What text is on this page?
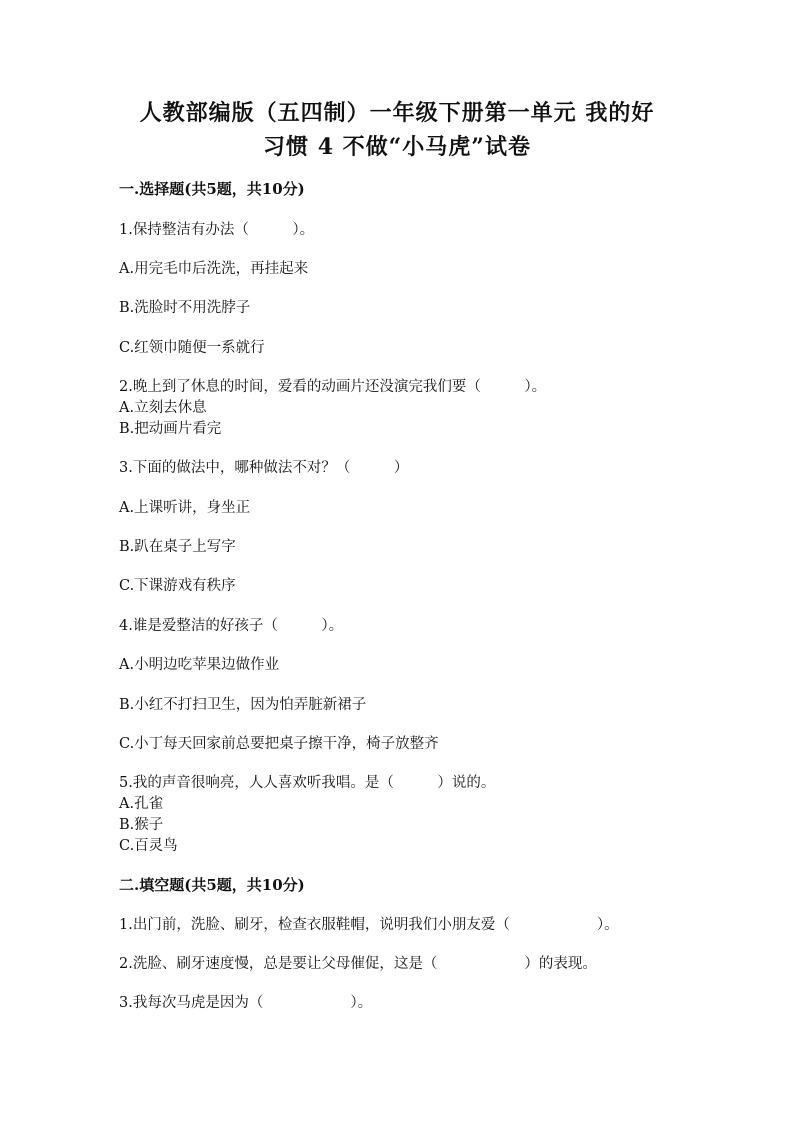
人教部编版（五四制）一年级下册第一单元 我的好
习惯 4 不做“小马虎”试卷
一.选择题(共5题，共10分)
1.保持整洁有办法（　　　）。
A.用完毛巾后洗洗，再挂起来
B.洗脸时不用洗脖子
C.红领巾随便一系就行
2.晚上到了休息的时间，爱看的动画片还没演完我们要（　　　）。
A.立刻去休息
B.把动画片看完
3.下面的做法中，哪种做法不对？（　　　）
A.上课听讲，身坐正
B.趴在桌子上写字
C.下课游戏有秩序
4.谁是爱整洁的好孩子（　　　）。
A.小明边吃苹果边做作业
B.小红不打扫卫生，因为怕弄脏新裙子
C.小丁每天回家前总要把桌子擦干净，椅子放整齐
5.我的声音很响亮，人人喜欢听我唱。是（　　　）说的。
A.孔雀
B.猴子
C.百灵鸟
二.填空题(共5题，共10分)
1.出门前，洗脸、刷牙，检查衣服鞋帽，说明我们小朋友爱（　　　　　　）。
2.洗脸、刷牙速度慢，总是要让父母催促，这是（　　　　　　）的表现。
3.我每次马虎是因为（　　　　　　）。
